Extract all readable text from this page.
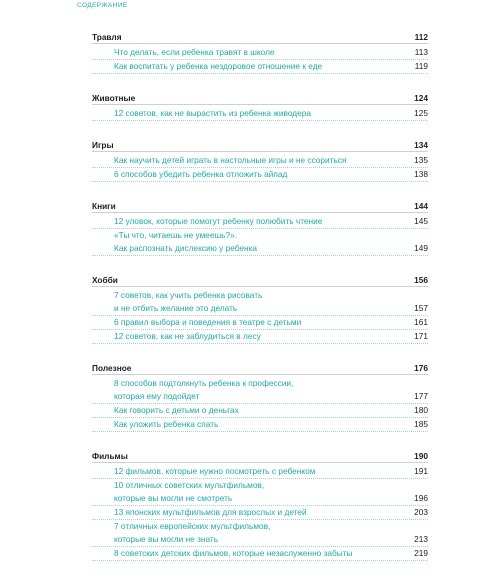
СОДЕРЖАНИЕ
Травля	112
Что делать, если ребенка травят в школе	113
Как воспитать у ребенка нездоровое отношение к еде	119
Животные	124
12 советов, как не вырастить из ребенка живодера	125
Игры	134
Как научить детей играть в настольные игры и не ссориться	135
6 способов убедить ребенка отложить айпад	138
Книги	144
12 уловок, которые помогут ребенку полюбить чтение	145
«Ты что, читаешь не умеешь?».
Как распознать дислексию у ребенка	149
Хобби	156
7 советов, как учить ребенка рисовать
и не отбить желание это делать	157
6 правил выбора и поведения в театре с детьми	161
12 советов, как не заблудиться в лесу	171
Полезное	176
8 способов подтолкнуть ребенка к профессии,
которая ему подойдет	177
Как говорить с детьми о деньгах	180
Как уложить ребенка спать	185
Фильмы	190
12 фильмов, которые нужно посмотреть с ребенком	191
10 отличных советских мультфильмов,
которые вы могли не смотреть	196
13 японских мультфильмов для взрослых и детей	203
7 отличных европейских мультфильмов,
которые вы могли не знать	213
8 советских детских фильмов, которые незаслуженно забыты	219
